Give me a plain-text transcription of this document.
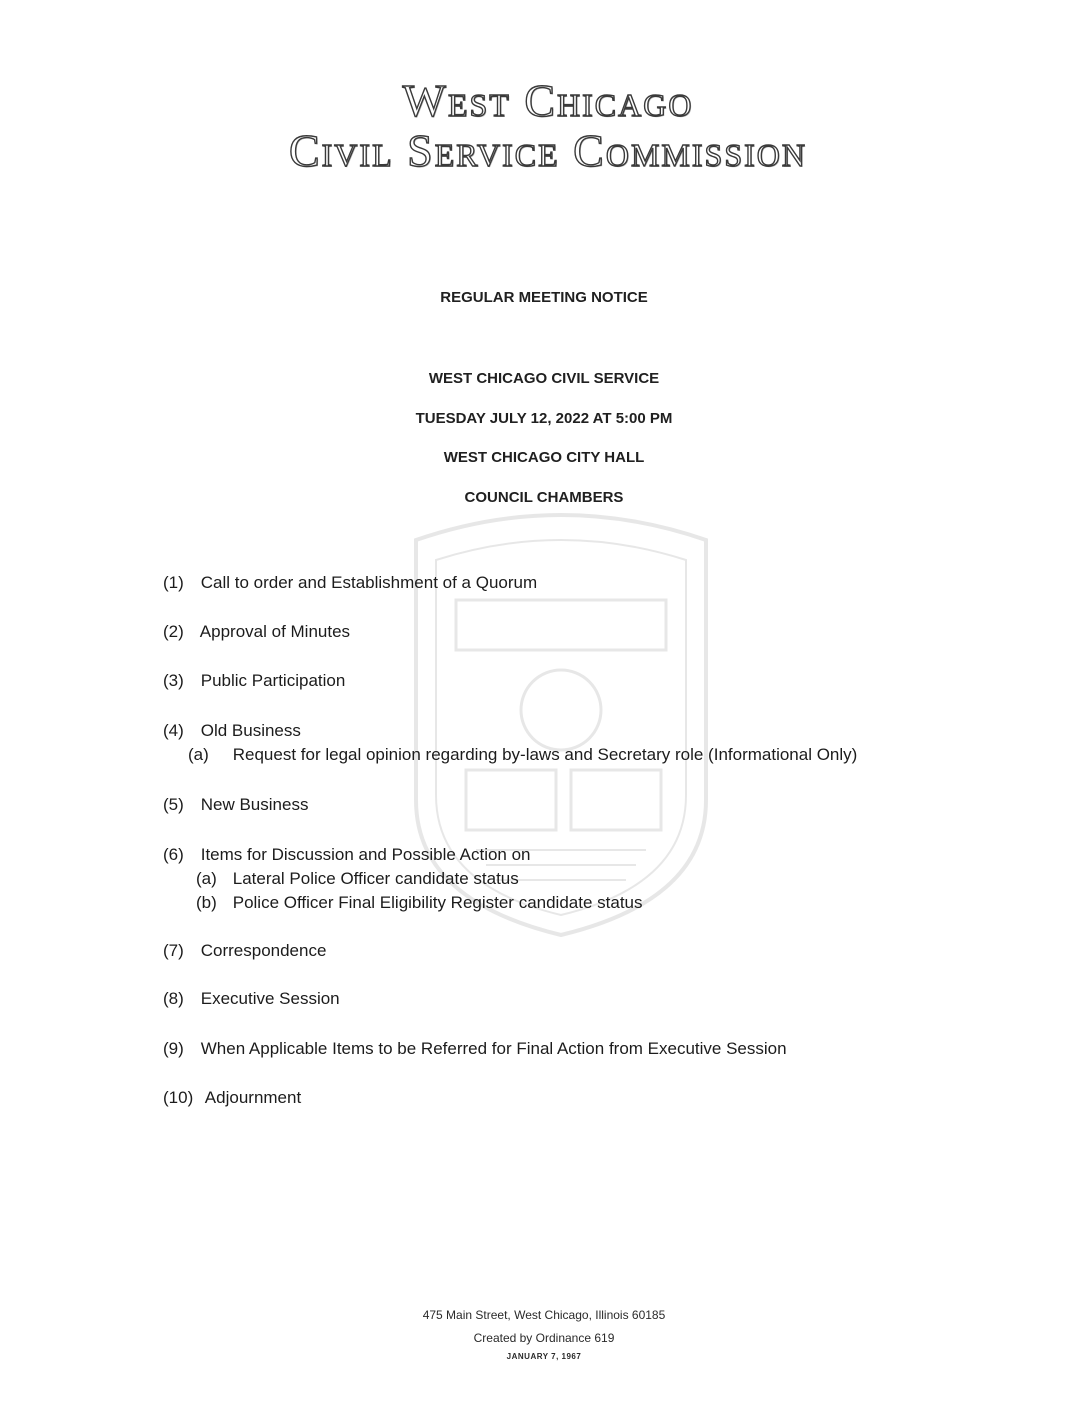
West Chicago
Civil Service Commission
REGULAR MEETING NOTICE
WEST CHICAGO CIVIL SERVICE
TUESDAY JULY 12, 2022 AT 5:00 PM
WEST CHICAGO CITY HALL
COUNCIL CHAMBERS
(1) Call to order and Establishment of a Quorum
(2) Approval of Minutes
(3) Public Participation
(4) Old Business
(a) Request for legal opinion regarding by-laws and Secretary role (Informational Only)
(5) New Business
(6) Items for Discussion and Possible Action on
(a) Lateral Police Officer candidate status
(b) Police Officer Final Eligibility Register candidate status
(7) Correspondence
(8) Executive Session
(9) When Applicable Items to be Referred for Final Action from Executive Session
(10) Adjournment
475 Main Street, West Chicago, Illinois 60185
Created by Ordinance 619
JANUARY 7, 1967
